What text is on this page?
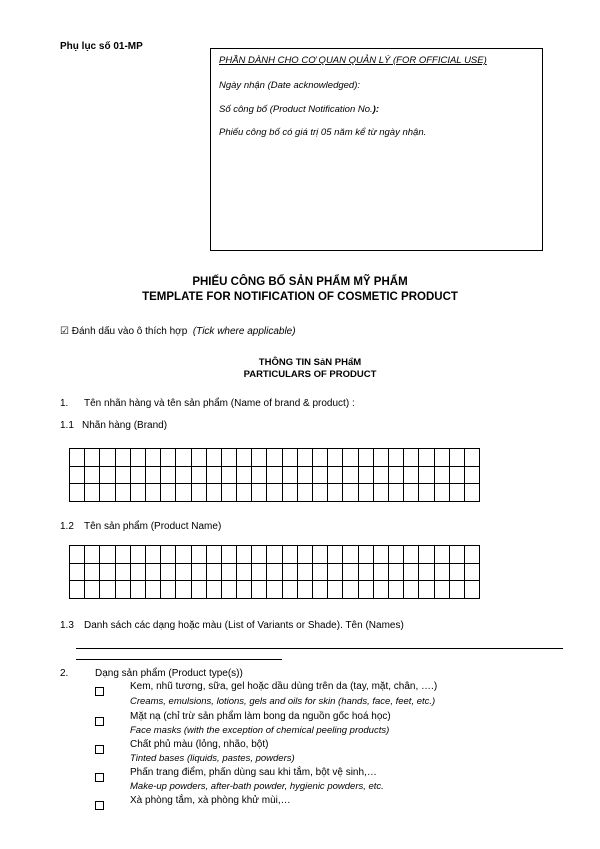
Phụ lục số 01-MP
PHẦN DÀNH CHO CƠ QUAN QUẢN LÝ (FOR OFFICIAL USE)
Ngày nhận (Date acknowledged):
Số công bố (Product Notification No.):
Phiếu công bố có giá trị 05 năm kể từ ngày nhận.
PHIẾU CÔNG BỐ SẢN PHẨM MỸ PHẨM
TEMPLATE FOR NOTIFICATION OF COSMETIC PRODUCT
☑ Đánh dấu vào ô thích hợp (Tick where applicable)
THÔNG TIN SảN PHẩM
PARTICULARS OF PRODUCT
1. Tên nhãn hàng và tên sản phẩm (Name of brand & product) :
1.1 Nhãn hàng (Brand)

1.2 Tên sản phẩm (Product Name)

1.3 Danh sách các dạng hoặc màu (List of Variants or Shade). Tên (Names)
2.	Dạng sản phẩm (Product type(s))
Kem, nhũ tương, sữa, gel hoặc dầu dùng trên da (tay, mặt, chân, ….)
Creams, emulsions, lotions, gels and oils for skin (hands, face, feet, etc.)
Mặt nạ (chỉ trừ sản phẩm làm bong da nguồn gốc hoá học)
Face masks (with the exception of chemical peeling products)
Chất phủ màu (lỏng, nhão, bột)
Tinted bases (liquids, pastes, powders)
Phấn trang điểm, phấn dùng sau khi tắm, bột vệ sinh,…
Make-up powders, after-bath powder, hygienic powders, etc.
Xà phòng tắm, xà phòng khử mùi,…
